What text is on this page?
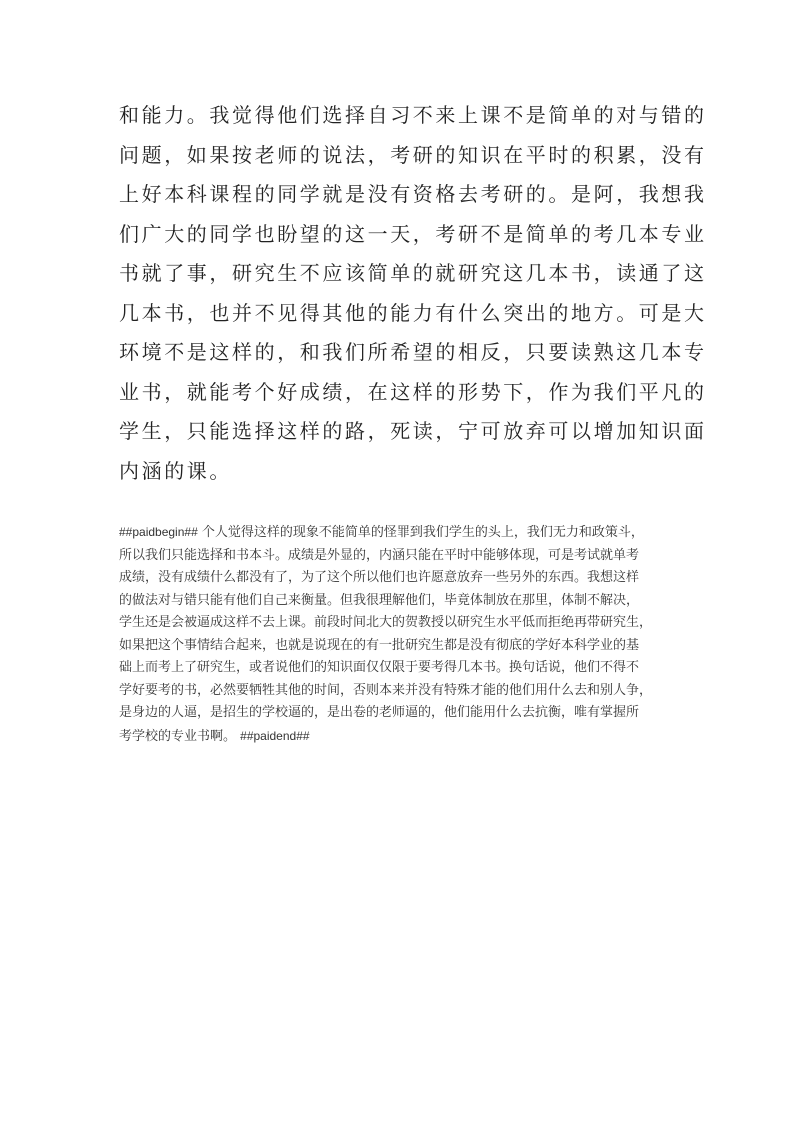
和能力。我觉得他们选择自习不来上课不是简单的对与错的
问题，如果按老师的说法，考研的知识在平时的积累，没有
上好本科课程的同学就是没有资格去考研的。是阿，我想我
们广大的同学也盼望的这一天，考研不是简单的考几本专业
书就了事，研究生不应该简单的就研究这几本书，读通了这
几本书，也并不见得其他的能力有什么突出的地方。可是大
环境不是这样的，和我们所希望的相反，只要读熟这几本专
业书，就能考个好成绩，在这样的形势下，作为我们平凡的
学生，只能选择这样的路，死读，宁可放弃可以增加知识面
内涵的课。
##paidbegin## 个人觉得这样的现象不能简单的怪罪到我们学生的头上，我们无力和政策斗，
所以我们只能选择和书本斗。成绩是外显的，内涵只能在平时中能够体现，可是考试就单考
成绩，没有成绩什么都没有了，为了这个所以他们也许愿意放弃一些另外的东西。我想这样
的做法对与错只能有他们自己来衡量。但我很理解他们，毕竟体制放在那里，体制不解决，
学生还是会被逼成这样不去上课。前段时间北大的贺教授以研究生水平低而拒绝再带研究生，
如果把这个事情结合起来，也就是说现在的有一批研究生都是没有彻底的学好本科学业的基
础上而考上了研究生，或者说他们的知识面仅仅限于要考得几本书。换句话说，他们不得不
学好要考的书，必然要牺牲其他的时间，否则本来并没有特殊才能的他们用什么去和别人争，
是身边的人逼，是招生的学校逼的，是出卷的老师逼的，他们能用什么去抗衡，唯有掌握所
考学校的专业书啊。 ##paidend##
